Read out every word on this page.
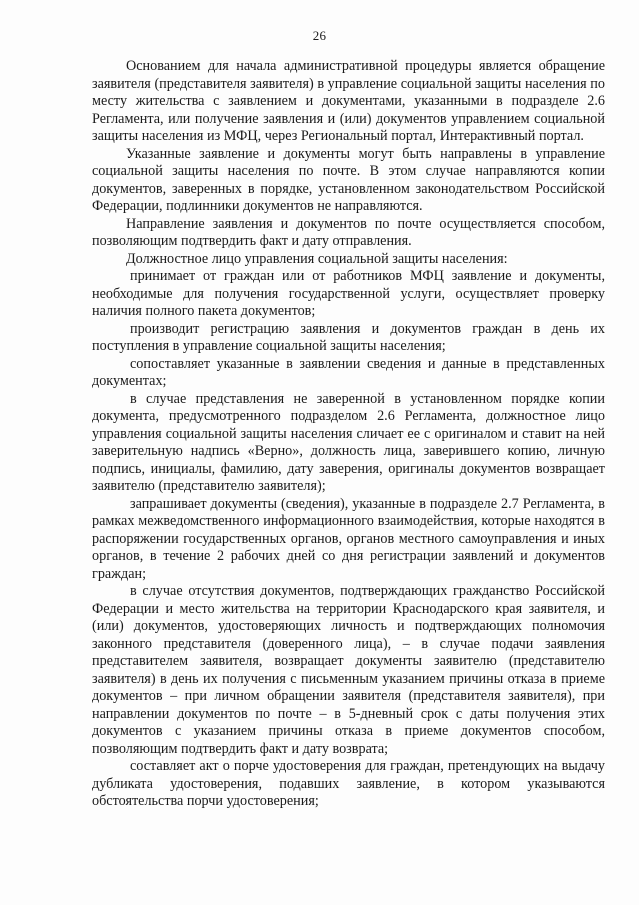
26

Основанием для начала административной процедуры является обращение заявителя (представителя заявителя) в управление социальной защиты населения по месту жительства с заявлением и документами, указанными в подразделе 2.6 Регламента, или получение заявления и (или) документов управлением социальной защиты населения из МФЦ, через Региональный портал, Интерактивный портал.

Указанные заявление и документы могут быть направлены в управление социальной защиты населения по почте. В этом случае направляются копии документов, заверенных в порядке, установленном законодательством Российской Федерации, подлинники документов не направляются.

Направление заявления и документов по почте осуществляется способом, позволяющим подтвердить факт и дату отправления.

Должностное лицо управления социальной защиты населения:

принимает от граждан или от работников МФЦ заявление и документы, необходимые для получения государственной услуги, осуществляет проверку наличия полного пакета документов;

производит регистрацию заявления и документов граждан в день их поступления в управление социальной защиты населения;

сопоставляет указанные в заявлении сведения и данные в представленных документах;

в случае представления не заверенной в установленном порядке копии документа, предусмотренного подразделом 2.6 Регламента, должностное лицо управления социальной защиты населения сличает ее с оригиналом и ставит на ней заверительную надпись «Верно», должность лица, заверившего копию, личную подпись, инициалы, фамилию, дату заверения, оригиналы документов возвращает заявителю (представителю заявителя);

запрашивает документы (сведения), указанные в подразделе 2.7 Регламента, в рамках межведомственного информационного взаимодействия, которые находятся в распоряжении государственных органов, органов местного самоуправления и иных органов, в течение 2 рабочих дней со дня регистрации заявлений и документов граждан;

в случае отсутствия документов, подтверждающих гражданство Российской Федерации и место жительства на территории Краснодарского края заявителя, и (или) документов, удостоверяющих личность и подтверждающих полномочия законного представителя (доверенного лица), – в случае подачи заявления представителем заявителя, возвращает документы заявителю (представителю заявителя) в день их получения с письменным указанием причины отказа в приеме документов – при личном обращении заявителя (представителя заявителя), при направлении документов по почте – в 5-дневный срок с даты получения этих документов с указанием причины отказа в приеме документов способом, позволяющим подтвердить факт и дату возврата;

составляет акт о порче удостоверения для граждан, претендующих на выдачу дубликата удостоверения, подавших заявление, в котором указываются обстоятельства порчи удостоверения;
